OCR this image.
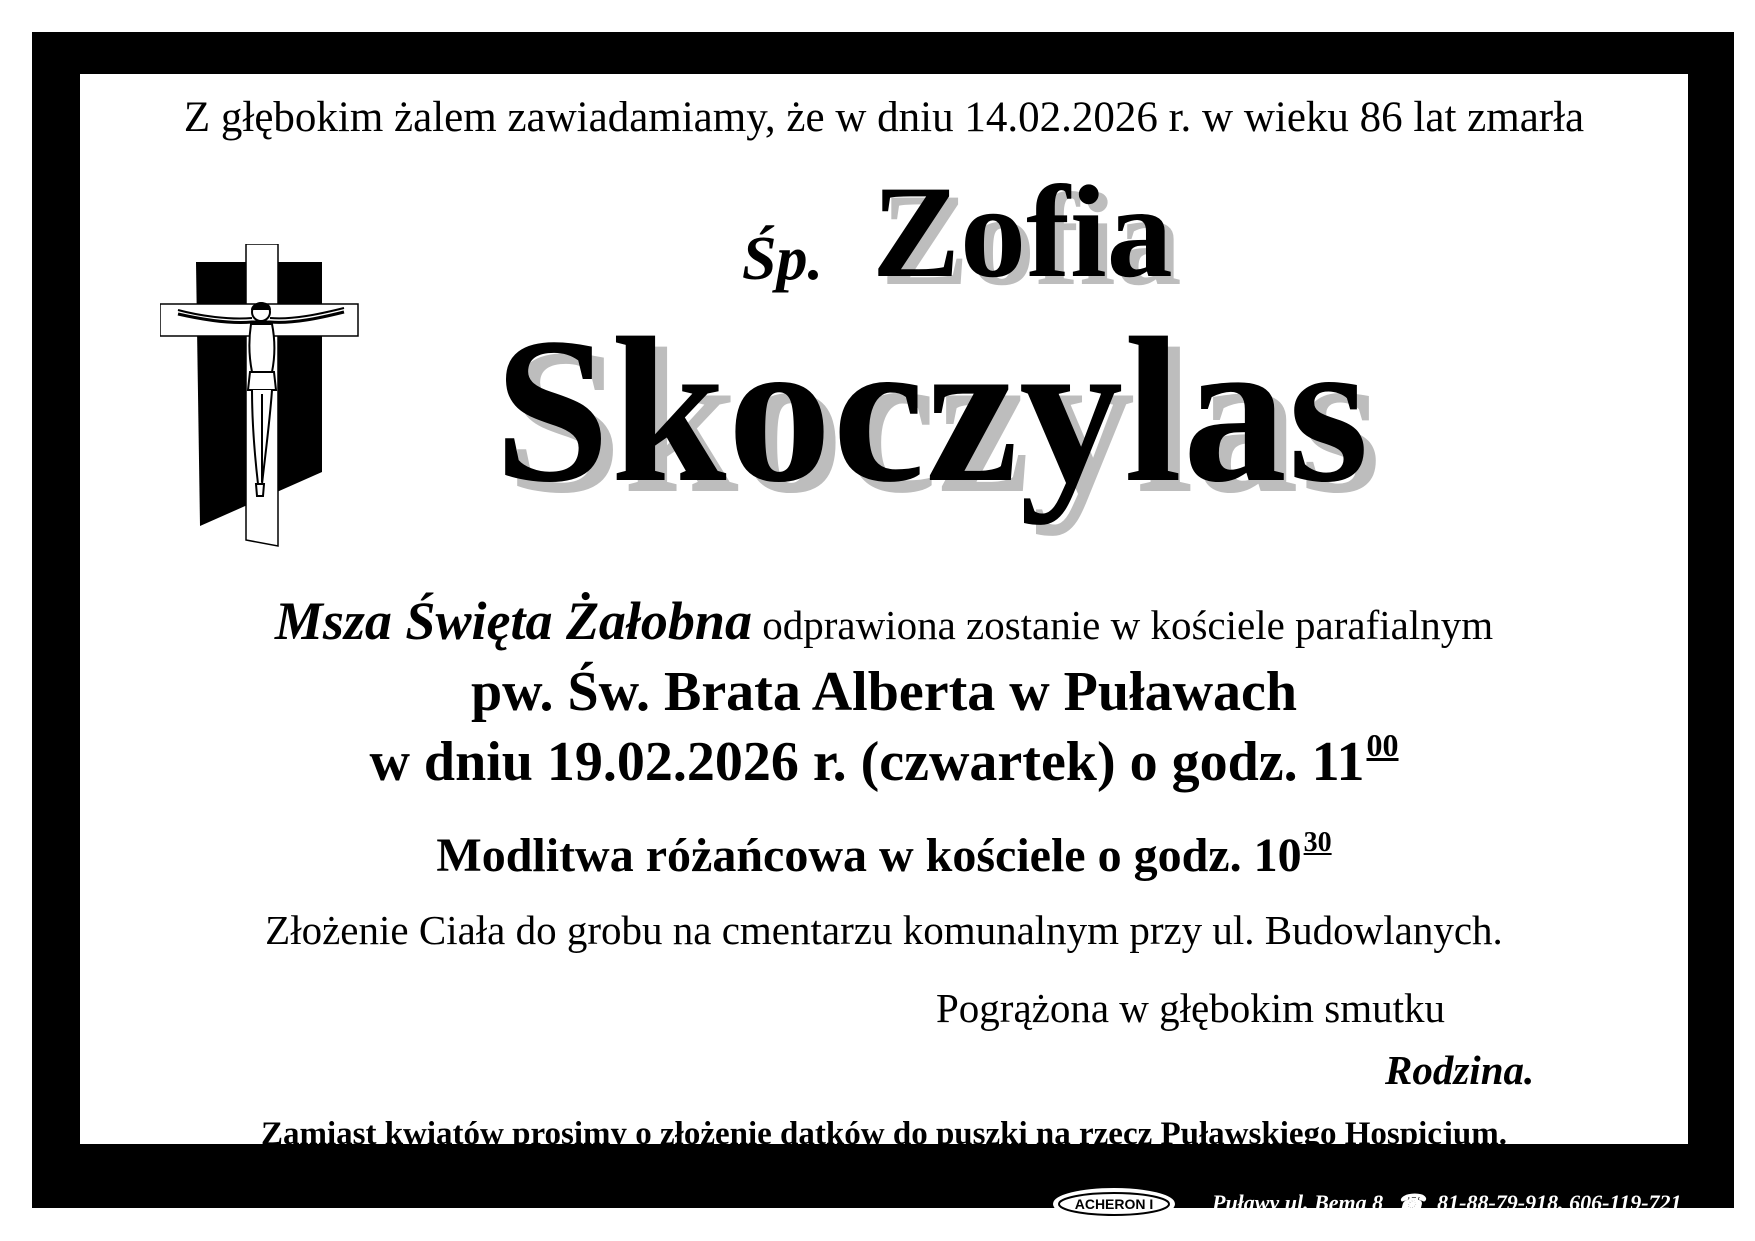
Z głębokim żalem zawiadamiamy, że w dniu 14.02.2026 r. w wieku 86 lat zmarła

Śp. Zofia

Skoczylas

Msza Święta Żałobna odprawiona zostanie w kościele parafialnym

pw. Św. Brata Alberta w Puławach

w dniu 19.02.2026 r. (czwartek) o godz. $11^{00}$

Modlitwa różańcowa w kościele o godz. $10^{30}$

Złożenie Ciała do grobu na cmentarzu komunalnym przy ul. Budowlanych.

Pogrążona w głębokim smutku

Rodzina.

Zamiast kwiatów prosimy o złożenie datków do puszki na rzecz Puławskiego Hospicjum.

ACHERON I	Puławy ul. Bema 8 ☎ 81-88-79-918, 606-119-721
